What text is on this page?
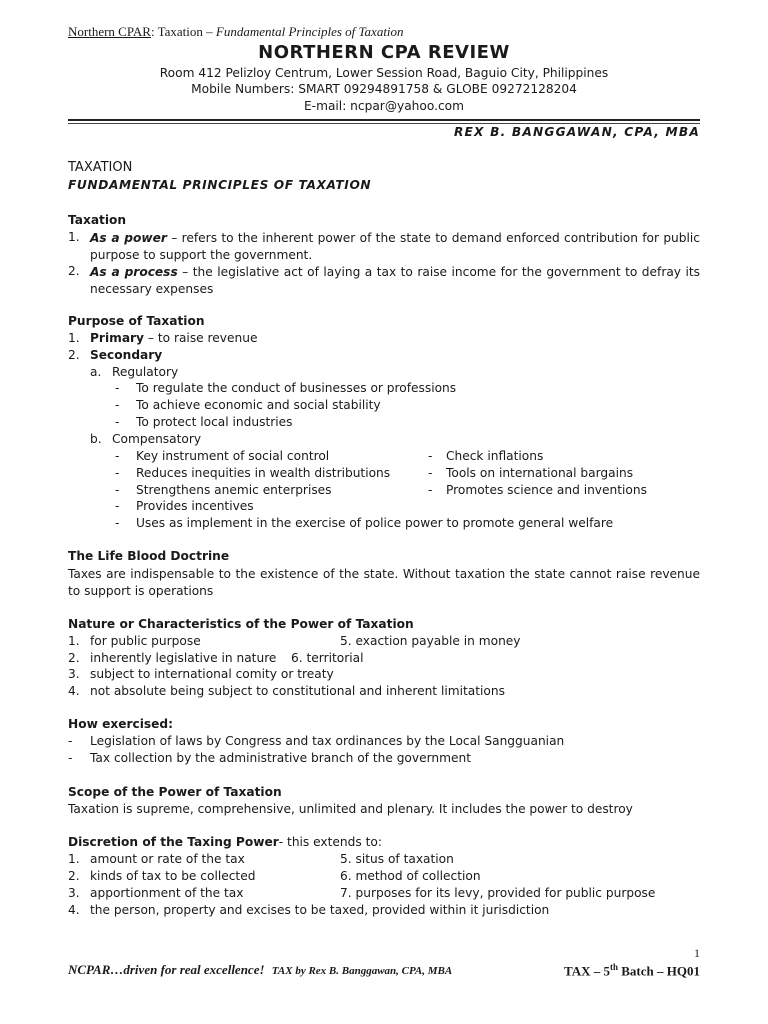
Northern CPAR: Taxation – Fundamental Principles of Taxation
NORTHERN CPA REVIEW
Room 412 Pelizloy Centrum, Lower Session Road, Baguio City, Philippines
Mobile Numbers: SMART 09294891758 & GLOBE 09272128204
E-mail: ncpar@yahoo.com
REX B. BANGGAWAN, CPA, MBA
TAXATION
FUNDAMENTAL PRINCIPLES OF TAXATION
Taxation
1. As a power – refers to the inherent power of the state to demand enforced contribution for public purpose to support the government.
2. As a process – the legislative act of laying a tax to raise income for the government to defray its necessary expenses
Purpose of Taxation
1. Primary – to raise revenue
2. Secondary
a. Regulatory
- To regulate the conduct of businesses or professions
- To achieve economic and social stability
- To protect local industries
b. Compensatory
- Key instrument of social control	- Check inflations
- Reduces inequities in wealth distributions	- Tools on international bargains
- Strengthens anemic enterprises	- Promotes science and inventions
- Provides incentives
- Uses as implement in the exercise of police power to promote general welfare
The Life Blood Doctrine
Taxes are indispensable to the existence of the state. Without taxation the state cannot raise revenue to support is operations
Nature or Characteristics of the Power of Taxation
1. for public purpose	5. exaction payable in money
2. inherently legislative in nature 6. territorial
3. subject to international comity or treaty
4. not absolute being subject to constitutional and inherent limitations
How exercised:
- Legislation of laws by Congress and tax ordinances by the Local Sangguanian
- Tax collection by the administrative branch of the government
Scope of the Power of Taxation
Taxation is supreme, comprehensive, unlimited and plenary. It includes the power to destroy
Discretion of the Taxing Power- this extends to:
1. amount or rate of the tax	5. situs of taxation
2. kinds of tax to be collected	6. method of collection
3. apportionment of the tax	7. purposes for its levy, provided for public purpose
4. the person, property and excises to be taxed, provided within it jurisdiction
1
NCPAR…driven for real excellence! TAX by Rex B. Banggawan, CPA, MBA	TAX – 5th Batch – HQ01
